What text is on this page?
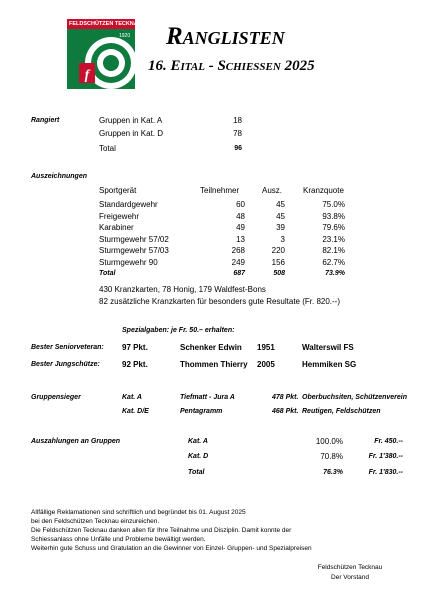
f
FELDSCHÜTZEN TECKNAU
1920 Ranglisten
16. Eital - Schiessen 2025
Rangiert	Gruppen in Kat. A	18
Gruppen in Kat. D	78
Total	96
Auszeichnungen
Sportgerät	Teilnehmer	Ausz.	Kranzquote
Standardgewehr	60	45	75.0%
Freigewehr	48	45	93.8%
Karabiner	49	39	79.6%
Sturmgewehr 57/02	13	3	23.1%
Sturmgewehr 57/03	268	220	82.1%
Sturmgewehr 90	249	156	62.7%
Total	687	508	73.9%
430 Kranzkarten, 78 Honig, 179 Waldfest-Bons
82 zusätzliche Kranzkarten für besonders gute Resultate (Fr. 820.--)
Spezialgaben: je Fr. 50.– erhalten:
Bester Seniorveteran: 97 Pkt.	Schenker Edwin 1951	Walterswil FS
Bester Jungschütze:	92 Pkt.	Thommen Thierry 2005	Hemmiken SG
Gruppensieger	Kat. A	Tiefmatt - Jura A	478 Pkt. Oberbuchsiten, Schützenverein
Kat. D/E	Pentagramm	468 Pkt. Reutigen, Feldschützen
Auszahlungen an Gruppen	Kat. A	100.0%	Fr. 450.--
Kat. D	70.8%	Fr. 1'380.--
Total	76.3%	Fr. 1'830.--
Allfällige Reklamationen sind schriftlich und begründet bis 01. August 2025
bei den Feldschützen Tecknau einzureichen.
Die Feldschützen Tecknau danken allen für Ihre Teilnahme und Disziplin. Damit konnte der
Schiessanlass ohne Unfälle und Probleme bewältigt werden.
Weiterhin gute Schuss und Gratulation an die Gewinner von Einzel- Gruppen- und Spezialpreisen
Feldschützen Tecknau
Der Vorstand
